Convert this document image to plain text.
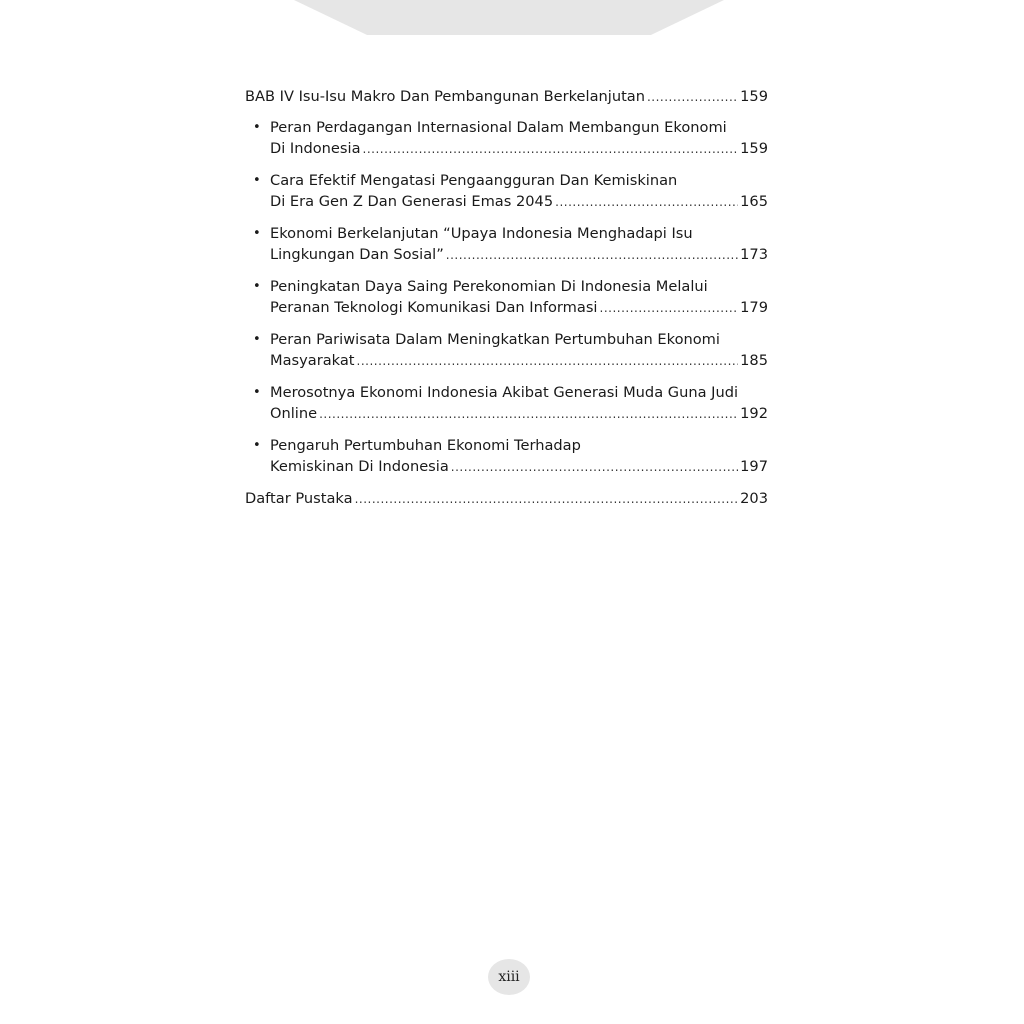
BAB IV Isu-Isu Makro Dan Pembangunan Berkelanjutan .....	159
• Peran Perdagangan Internasional Dalam Membangun Ekonomi
Di Indonesia .....	159
• Cara Efektif Mengatasi Pengaangguran Dan Kemiskinan
Di Era Gen Z Dan Generasi Emas 2045 .....	165
• Ekonomi Berkelanjutan “Upaya Indonesia Menghadapi Isu
Lingkungan Dan Sosial” .....	173
• Peningkatan Daya Saing Perekonomian Di Indonesia Melalui
Peranan Teknologi Komunikasi Dan Informasi .....	179
• Peran Pariwisata Dalam Meningkatkan Pertumbuhan Ekonomi
Masyarakat .....	185
• Merosotnya Ekonomi Indonesia Akibat Generasi Muda Guna Judi
Online .....	192
• Pengaruh Pertumbuhan Ekonomi Terhadap
Kemiskinan Di Indonesia .....	197
Daftar Pustaka .....	203
xiii
